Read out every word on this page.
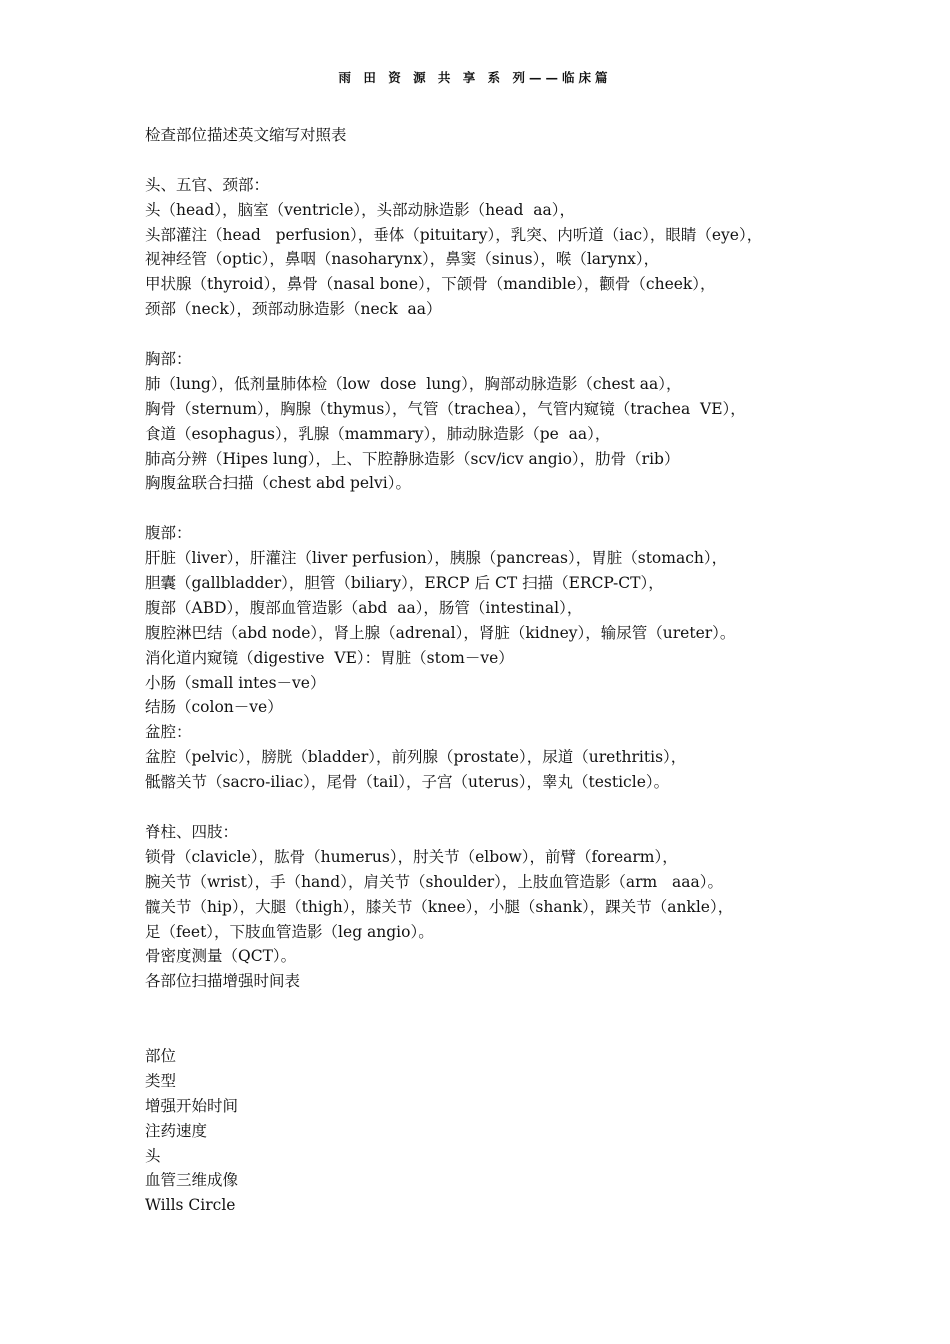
雨 田 资 源 共 享 系 列——临床篇
检查部位描述英文缩写对照表
头、五官、颈部：
头（head），脑室（ventricle），头部动脉造影（head  aa），
头部灌注（head   perfusion），垂体（pituitary），乳突、内听道（iac），眼睛（eye），
视神经管（optic），鼻咽（nasoharynx），鼻窦（sinus），喉（larynx），
甲状腺（thyroid），鼻骨（nasal bone），下颌骨（mandible），颧骨（cheek），
颈部（neck），颈部动脉造影（neck  aa）
胸部：
肺（lung），低剂量肺体检（low  dose  lung），胸部动脉造影（chest aa），
胸骨（sternum），胸腺（thymus），气管（trachea），气管内窥镜（trachea  VE），
食道（esophagus），乳腺（mammary），肺动脉造影（pe  aa），
肺高分辨（Hipes lung），上、下腔静脉造影（scv/icv angio），肋骨（rib）
胸腹盆联合扫描（chest abd pelvi）。
腹部：
肝脏（liver），肝灌注（liver perfusion），胰腺（pancreas），胃脏（stomach），
胆囊（gallbladder），胆管（biliary），ERCP 后 CT 扫描（ERCP-CT），
腹部（ABD），腹部血管造影（abd  aa），肠管（intestinal），
腹腔淋巴结（abd node），肾上腺（adrenal），肾脏（kidney），输尿管（ureter）。
消化道内窥镜（digestive  VE）：胃脏（stom－ve）
小肠（small intes－ve）
结肠（colon－ve）
盆腔：
盆腔（pelvic），膀胱（bladder），前列腺（prostate），尿道（urethritis），
骶髂关节（sacro-iliac），尾骨（tail），子宫（uterus），睾丸（testicle）。
脊柱、四肢：
锁骨（clavicle），肱骨（humerus），肘关节（elbow），前臂（forearm），
腕关节（wrist），手（hand），肩关节（shoulder），上肢血管造影（arm   aaa）。
髋关节（hip），大腿（thigh），膝关节（knee），小腿（shank），踝关节（ankle），
足（feet），下肢血管造影（leg angio）。
骨密度测量（QCT）。
各部位扫描增强时间表
部位
类型
增强开始时间
注药速度
头
血管三维成像
Wills Circle
